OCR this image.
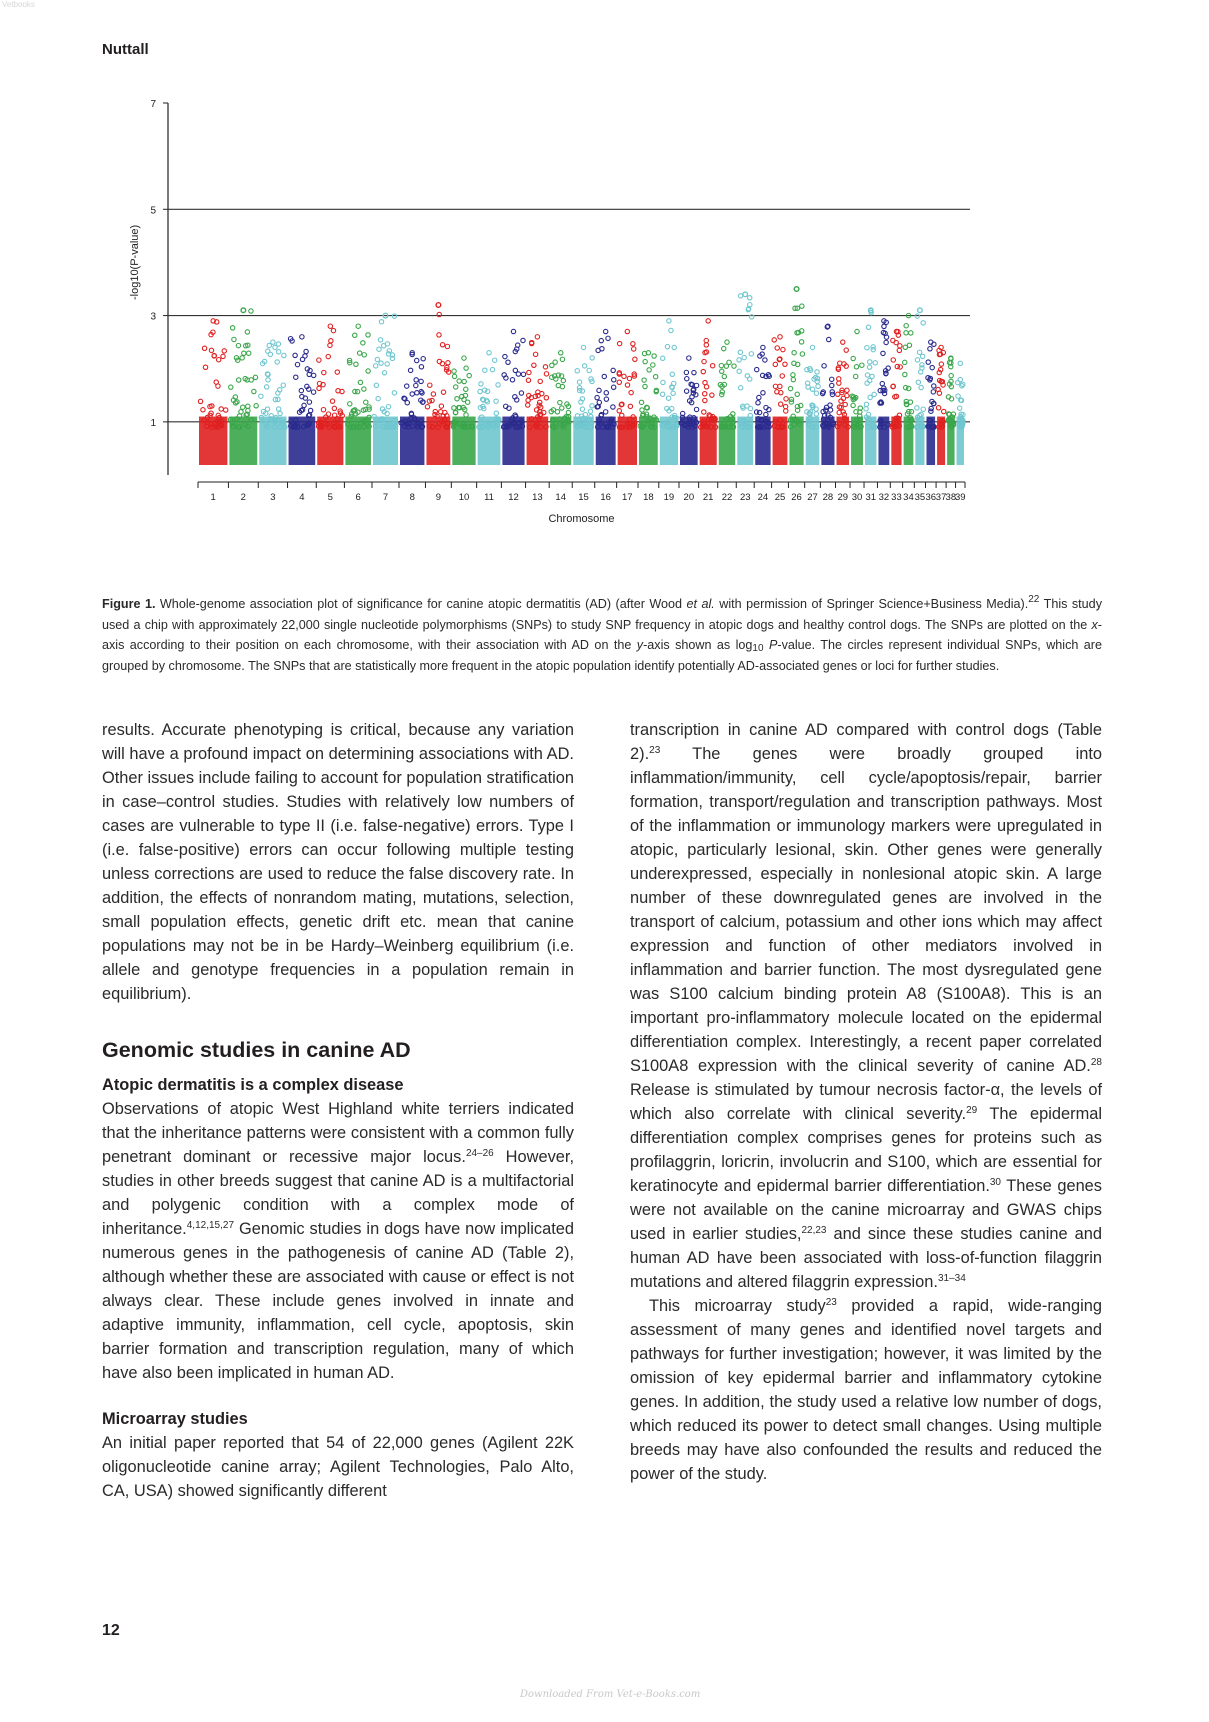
Vetbooks
Nuttall
1
3
5
7
-log10(P-value)
1	2	3 4 5 6 7 8 9 10 11 12 13 14 15 16 17 18 19 20 21 22 23 24 25 26 27 28 29 30 31 32 33 34 35 36 37 38
39
Chromosome
Figure 1. Whole-genome association plot of significance for canine atopic dermatitis (AD) (after Wood et al. with permission of Springer Science+Business Media).$^{22}$ This study used a chip with approximately 22,000 single nucleotide polymorphisms (SNPs) to study SNP frequency in atopic dogs and healthy control dogs. The SNPs are plotted on the x-axis according to their position on each chromosome, with their association with AD on the y-axis shown as $\log_{10}$ P-value. The circles represent individual SNPs, which are grouped by chromosome. The SNPs that are statistically more frequent in the atopic population identify potentially AD-associated genes or loci for further studies.

results. Accurate phenotyping is critical, because any variation will have a profound impact on determining associations with AD. Other issues include failing to account for population stratification in case–control studies. Studies with relatively low numbers of cases are vulnerable to type II (i.e. false-negative) errors. Type I (i.e. false-positive) errors can occur following multiple testing unless corrections are used to reduce the false discovery rate. In addition, the effects of nonrandom mating, mutations, selection, small population effects, genetic drift etc. mean that canine populations may not be in be Hardy–Weinberg equilibrium (i.e. allele and genotype frequencies in a population remain in equilibrium).

Genomic studies in canine AD
Atopic dermatitis is a complex disease

Observations of atopic West Highland white terriers indicated that the inheritance patterns were consistent with a common fully penetrant dominant or recessive major locus.$^{24-26}$ However, studies in other breeds suggest that canine AD is a multifactorial and polygenic condition with a complex mode of inheritance.$^{4,12,15,27}$ Genomic studies in dogs have now implicated numerous genes in the pathogenesis of canine AD (Table 2), although whether these are associated with cause or effect is not always clear. These include genes involved in innate and adaptive immunity, inflammation, cell cycle, apoptosis, skin barrier formation and transcription regulation, many of which have also been implicated in human AD.

Microarray studies

An initial paper reported that 54 of 22,000 genes (Agilent 22K oligonucleotide canine array; Agilent Technologies, Palo Alto, CA, USA) showed significantly different

transcription in canine AD compared with control dogs (Table 2).$^{23}$ The genes were broadly grouped into inflammation/immunity, cell cycle/apoptosis/repair, barrier formation, transport/regulation and transcription pathways. Most of the inflammation or immunology markers were upregulated in atopic, particularly lesional, skin. Other genes were generally underexpressed, especially in nonlesional atopic skin. A large number of these downregulated genes are involved in the transport of calcium, potassium and other ions which may affect expression and function of other mediators involved in inflammation and barrier function. The most dysregulated gene was S100 calcium binding protein A8 (S100A8). This is an important pro-inflammatory molecule located on the epidermal differentiation complex. Interestingly, a recent paper correlated S100A8 expression with the clinical severity of canine AD.$^{28}$ Release is stimulated by tumour necrosis factor-α, the levels of which also correlate with clinical severity.$^{29}$ The epidermal differentiation complex comprises genes for proteins such as profilaggrin, loricrin, involucrin and S100, which are essential for keratinocyte and epidermal barrier differentiation.$^{30}$ These genes were not available on the canine microarray and GWAS chips used in earlier studies,$^{22,23}$ and since these studies canine and human AD have been associated with loss-of-function filaggrin mutations and altered filaggrin expression.$^{31-34}$

This microarray study$^{23}$ provided a rapid, wide-ranging assessment of many genes and identified novel targets and pathways for further investigation; however, it was limited by the omission of key epidermal barrier and inflammatory cytokine genes. In addition, the study used a relative low number of dogs, which reduced its power to detect small changes. Using multiple breeds may have also confounded the results and reduced the power of the study.

12
Downloaded From Vet-e-Books.com
